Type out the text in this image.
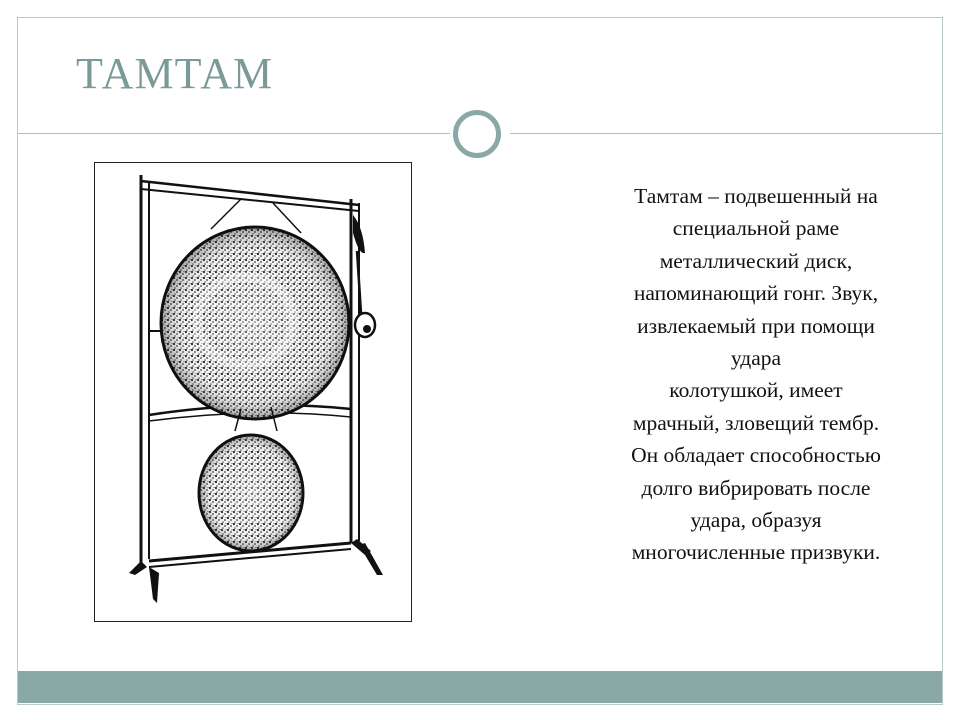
ТАМТАМ
Тамтам – подвешенный на
специальной раме
металлический диск,
напоминающий гонг. Звук,
извлекаемый при помощи
удара
колотушкой, имеет
мрачный, зловещий тембр.
Он обладает способностью
долго вибрировать после
удара, образуя
многочисленные призвуки.
